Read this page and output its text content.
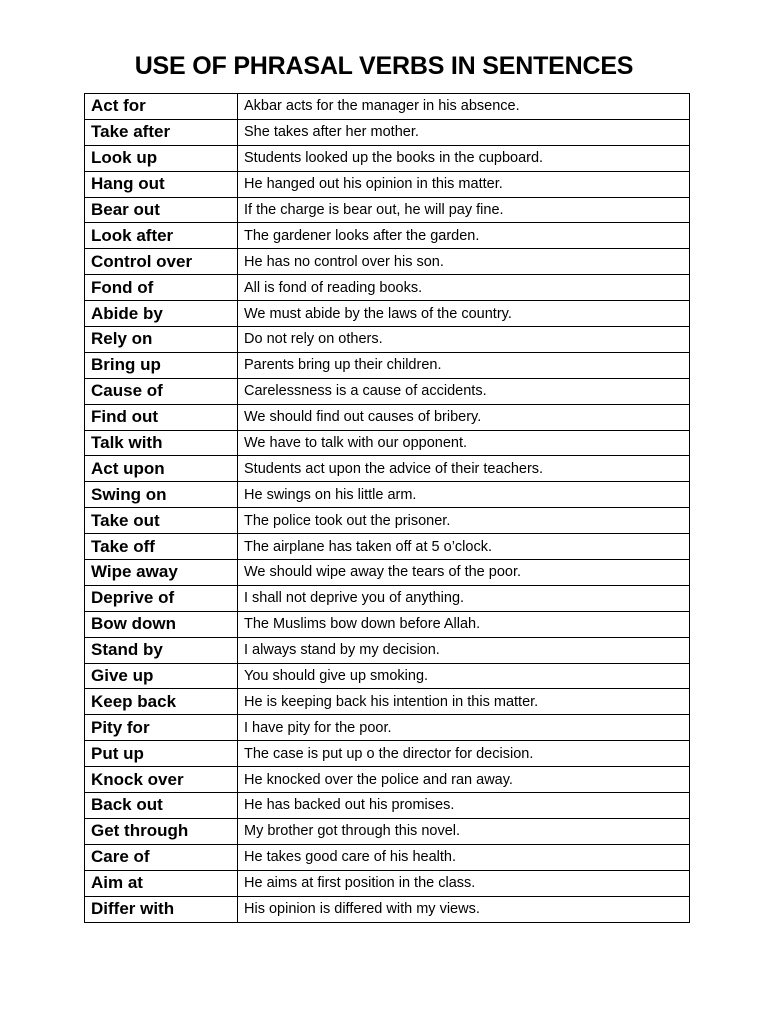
USE OF PHRASAL VERBS IN SENTENCES
Act for	Akbar acts for the manager in his absence.
Take after	She takes after her mother.
Look up	Students looked up the books in the cupboard.
Hang out	He hanged out his opinion in this matter.
Bear out	If the charge is bear out, he will pay fine.
Look after	The gardener looks after the garden.
Control over	He has no control over his son.
Fond of	All is fond of reading books.
Abide by	We must abide by the laws of the country.
Rely on	Do not rely on others.
Bring up	Parents bring up their children.
Cause of	Carelessness is a cause of accidents.
Find out	We should find out causes of bribery.
Talk with	We have to talk with our opponent.
Act upon	Students act upon the advice of their teachers.
Swing on	He swings on his little arm.
Take out	The police took out the prisoner.
Take off	The airplane has taken off at 5 o’clock.
Wipe away	We should wipe away the tears of the poor.
Deprive of	I shall not deprive you of anything.
Bow down	The Muslims bow down before Allah.
Stand by	I always stand by my decision.
Give up	You should give up smoking.
Keep back	He is keeping back his intention in this matter.
Pity for	I have pity for the poor.
Put up	The case is put up o the director for decision.
Knock over	He knocked over the police and ran away.
Back out	He has backed out his promises.
Get through	My brother got through this novel.
Care of	He takes good care of his health.
Aim at	He aims at first position in the class.
Differ with	His opinion is differed with my views.
